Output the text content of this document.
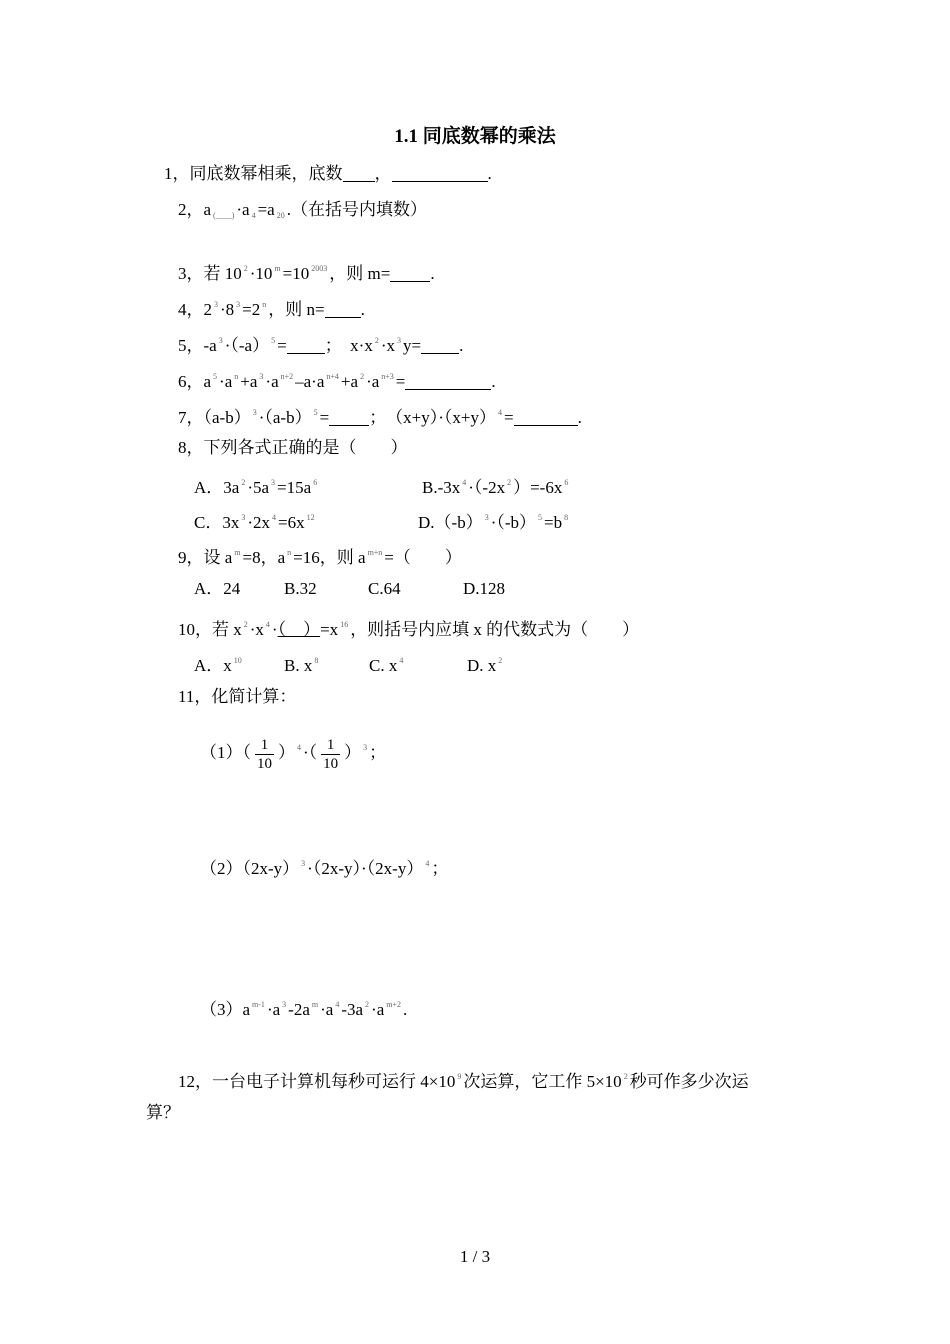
1.1 同底数幂的乘法
1，同底数幂相乘，底数 ，	.
2，a $_{(\_\_\_\_)}$ ·a $_4$ =a $_{20}$ .（在括号内填数）
3，若 10 $^2$ ·10 $^m$ =10 $^{2003}$ ，则 m= .
4，2 $^3$ ·8 $^3$ =2 $^n$ ，则 n= .
5，-a $^3$ ·（-a） $^5$ = ；　x·x $^2$ ·x $^3$ y= .
6，a $^5$ ·a $^n$ +a $^3$ ·a $^{n+2}$ –a·a $^{n+4}$ +a $^2$ ·a $^{n+3}$ =	.
7，（a-b） $^3$ ·（a-b） $^5$ = ；　（x+y）·（x+y） $^4$ =	.
8，下列各式正确的是（　　）
A．3a $^2$ ·5a $^3$ =15a $^6$	B.-3x $^4$ ·（-2x $^2$ ）=-6x $^6$
C．3x $^3$ ·2x $^4$ =6x $^{12}$	D.（-b） $^3$ ·（-b） $^5$ =b $^8$
9，设 a $^m$ =8，a $^n$ =16，则 a $^{m+n}$ =（　　）
A．24	B.32	C.64	D.128
10，若 x $^2$ ·x $^4$ ·（　）=x $^{16}$ ，则括号内应填 x 的代数式为（　　）
A．x $^{10}$ B. x $^8$	C. x $^4$	D. x $^2$
11，化简计算：
$(1)( \frac{1}{10}$ ） $^4$ ·（ $\frac{1}{10}$ ） $^3$ ；
（2）（2x-y） $^3$ ·（2x-y）·（2x-y） $^4$ ；
（3）a $^{m-1}$ ·a $^3$ -2a $^m$ ·a $^4$ -3a $^2$ ·a $^{m+2}$ .
12，一台电子计算机每秒可运行 4×10 $^9$ 次运算，它工作 5×10 $^2$ 秒可作多少次运
算？
1 / 3
